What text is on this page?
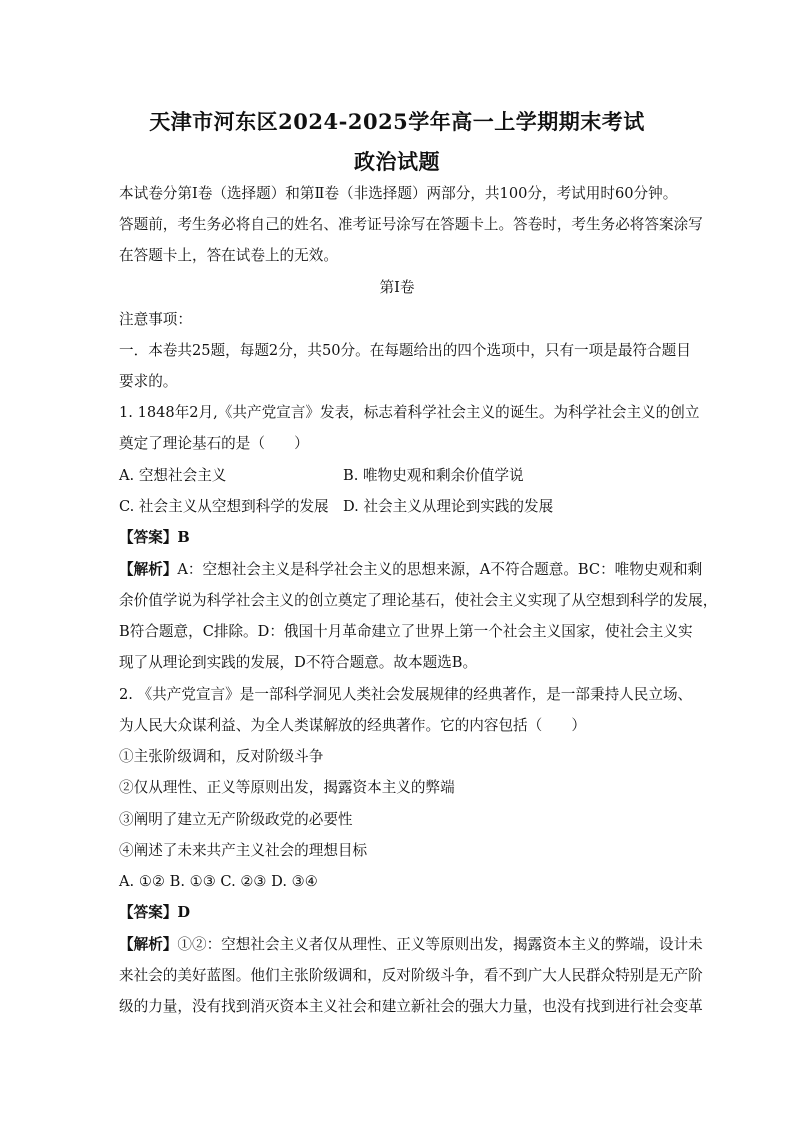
天津市河东区2024-2025学年高一上学期期末考试
政治试题
本试卷分第Ⅰ卷（选择题）和第Ⅱ卷（非选择题）两部分，共100分，考试用时60分钟。
答题前，考生务必将自己的姓名、准考证号涂写在答题卡上。答卷时，考生务必将答案涂写
在答题卡上，答在试卷上的无效。
第Ⅰ卷
注意事项：
一．本卷共25题，每题2分，共50分。在每题给出的四个选项中，只有一项是最符合题目
要求的。
1. 1848年2月,《共产党宣言》发表，标志着科学社会主义的诞生。为科学社会主义的创立
奠定了理论基石的是（　　）
A. 空想社会主义	B. 唯物史观和剩余价值学说
C. 社会主义从空想到科学的发展 D. 社会主义从理论到实践的发展
【答案】B
【解析】A：空想社会主义是科学社会主义的思想来源，A不符合题意。BC：唯物史观和剩
余价值学说为科学社会主义的创立奠定了理论基石，使社会主义实现了从空想到科学的发展，
B符合题意，C排除。D：俄国十月革命建立了世界上第一个社会主义国家，使社会主义实
现了从理论到实践的发展，D不符合题意。故本题选B。
2. 《共产党宣言》是一部科学洞见人类社会发展规律的经典著作，是一部秉持人民立场、
为人民大众谋利益、为全人类谋解放的经典著作。它的内容包括（　　）
①主张阶级调和，反对阶级斗争
②仅从理性、正义等原则出发，揭露资本主义的弊端
③阐明了建立无产阶级政党的必要性
④阐述了未来共产主义社会的理想目标
A. ①② B. ①③ C. ②③ D. ③④
【答案】D
【解析】①②：空想社会主义者仅从理性、正义等原则出发，揭露资本主义的弊端，设计未
来社会的美好蓝图。他们主张阶级调和，反对阶级斗争，看不到广大人民群众特别是无产阶
级的力量，没有找到消灭资本主义社会和建立新社会的强大力量，也没有找到进行社会变革
